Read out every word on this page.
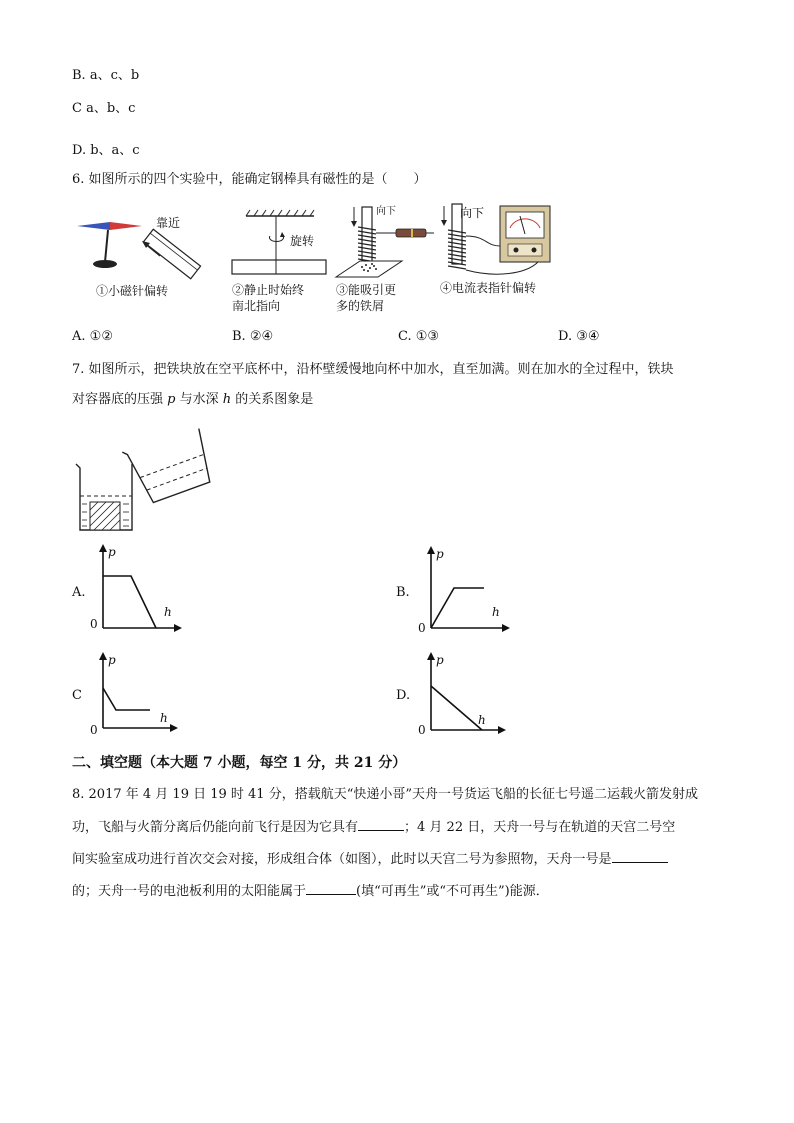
B. a、c、b
C a、b、c
D. b、a、c
6. 如图所示的四个实验中，能确定钢棒具有磁性的是（　　）
靠近
①小磁针偏转
旋转
②静止时始终
南北指向
向下
③能吸引更
多的铁屑
向下
④电流表指针偏转
A. ①②	B. ②④	C. ①③	D. ③④
7. 如图所示，把铁块放在空平底杯中，沿杯壁缓慢地向杯中加水，直至加满。则在加水的全过程中，铁块
对容器底的压强 p 与水深 h 的关系图象是
A.
p
h
0
B.
p
h
0
C
p
h
0
D.
p
h
0
二、填空题（本大题 7 小题，每空 1 分，共 21 分）
8. 2017 年 4 月 19 日 19 时 41 分，搭载航天“快递小哥”天舟一号货运飞船的长征七号遥二运载火箭发射成
功，飞船与火箭分离后仍能向前飞行是因为它具有	；4 月 22 日，天舟一号与在轨道的天宫二号空
间实验室成功进行首次交会对接，形成组合体（如图），此时以天宫二号为参照物，天舟一号是
的；天舟一号的电池板利用的太阳能属于	(填“可再生”或“不可再生”)能源．
